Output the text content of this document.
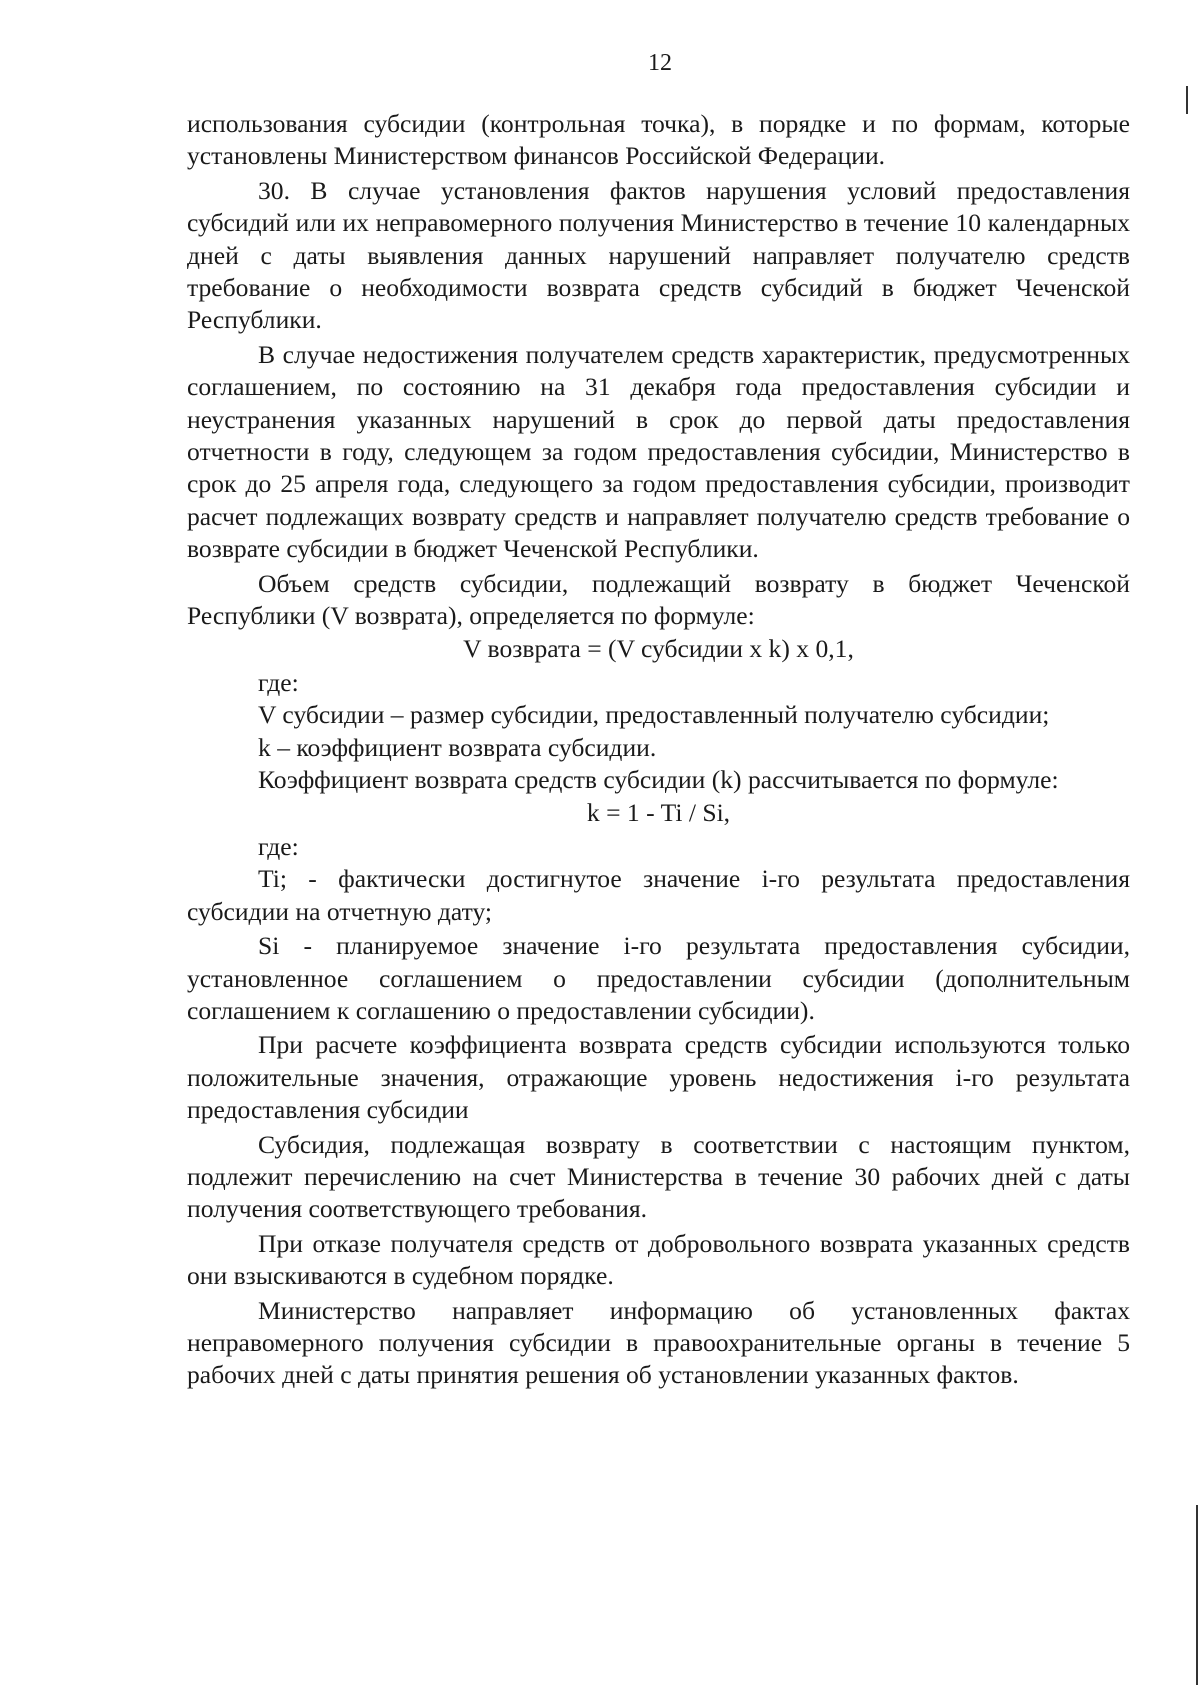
12

использования субсидии (контрольная точка), в порядке и по формам, которые установлены Министерством финансов Российской Федерации.

30. В случае установления фактов нарушения условий предоставления субсидий или их неправомерного получения Министерство в течение 10 календарных дней с даты выявления данных нарушений направляет получателю средств требование о необходимости возврата средств субсидий в бюджет Чеченской Республики.

В случае недостижения получателем средств характеристик, предусмотренных соглашением, по состоянию на 31 декабря года предоставления субсидии и неустранения указанных нарушений в срок до первой даты предоставления отчетности в году, следующем за годом предоставления субсидии, Министерство в срок до 25 апреля года, следующего за годом предоставления субсидии, производит расчет подлежащих возврату средств и направляет получателю средств требование о возврате субсидии в бюджет Чеченской Республики.

Объем средств субсидии, подлежащий возврату в бюджет Чеченской Республики (V возврата), определяется по формуле:

V возврата = (V субсидии x k) x 0,1,

где:

V субсидии – размер субсидии, предоставленный получателю субсидии;

k – коэффициент возврата субсидии.

Коэффициент возврата средств субсидии (k) рассчитывается по формуле:

k = 1 - Ti / Si,

где:

Ti; - фактически достигнутое значение i-го результата предоставления субсидии на отчетную дату;

Si - планируемое значение i-го результата предоставления субсидии, установленное соглашением о предоставлении субсидии (дополнительным соглашением к соглашению о предоставлении субсидии).

При расчете коэффициента возврата средств субсидии используются только положительные значения, отражающие уровень недостижения i-го результата предоставления субсидии

Субсидия, подлежащая возврату в соответствии с настоящим пунктом, подлежит перечислению на счет Министерства в течение 30 рабочих дней с даты получения соответствующего требования.

При отказе получателя средств от добровольного возврата указанных средств они взыскиваются в судебном порядке.

Министерство направляет информацию об установленных фактах неправомерного получения субсидии в правоохранительные органы в течение 5 рабочих дней с даты принятия решения об установлении указанных фактов.
